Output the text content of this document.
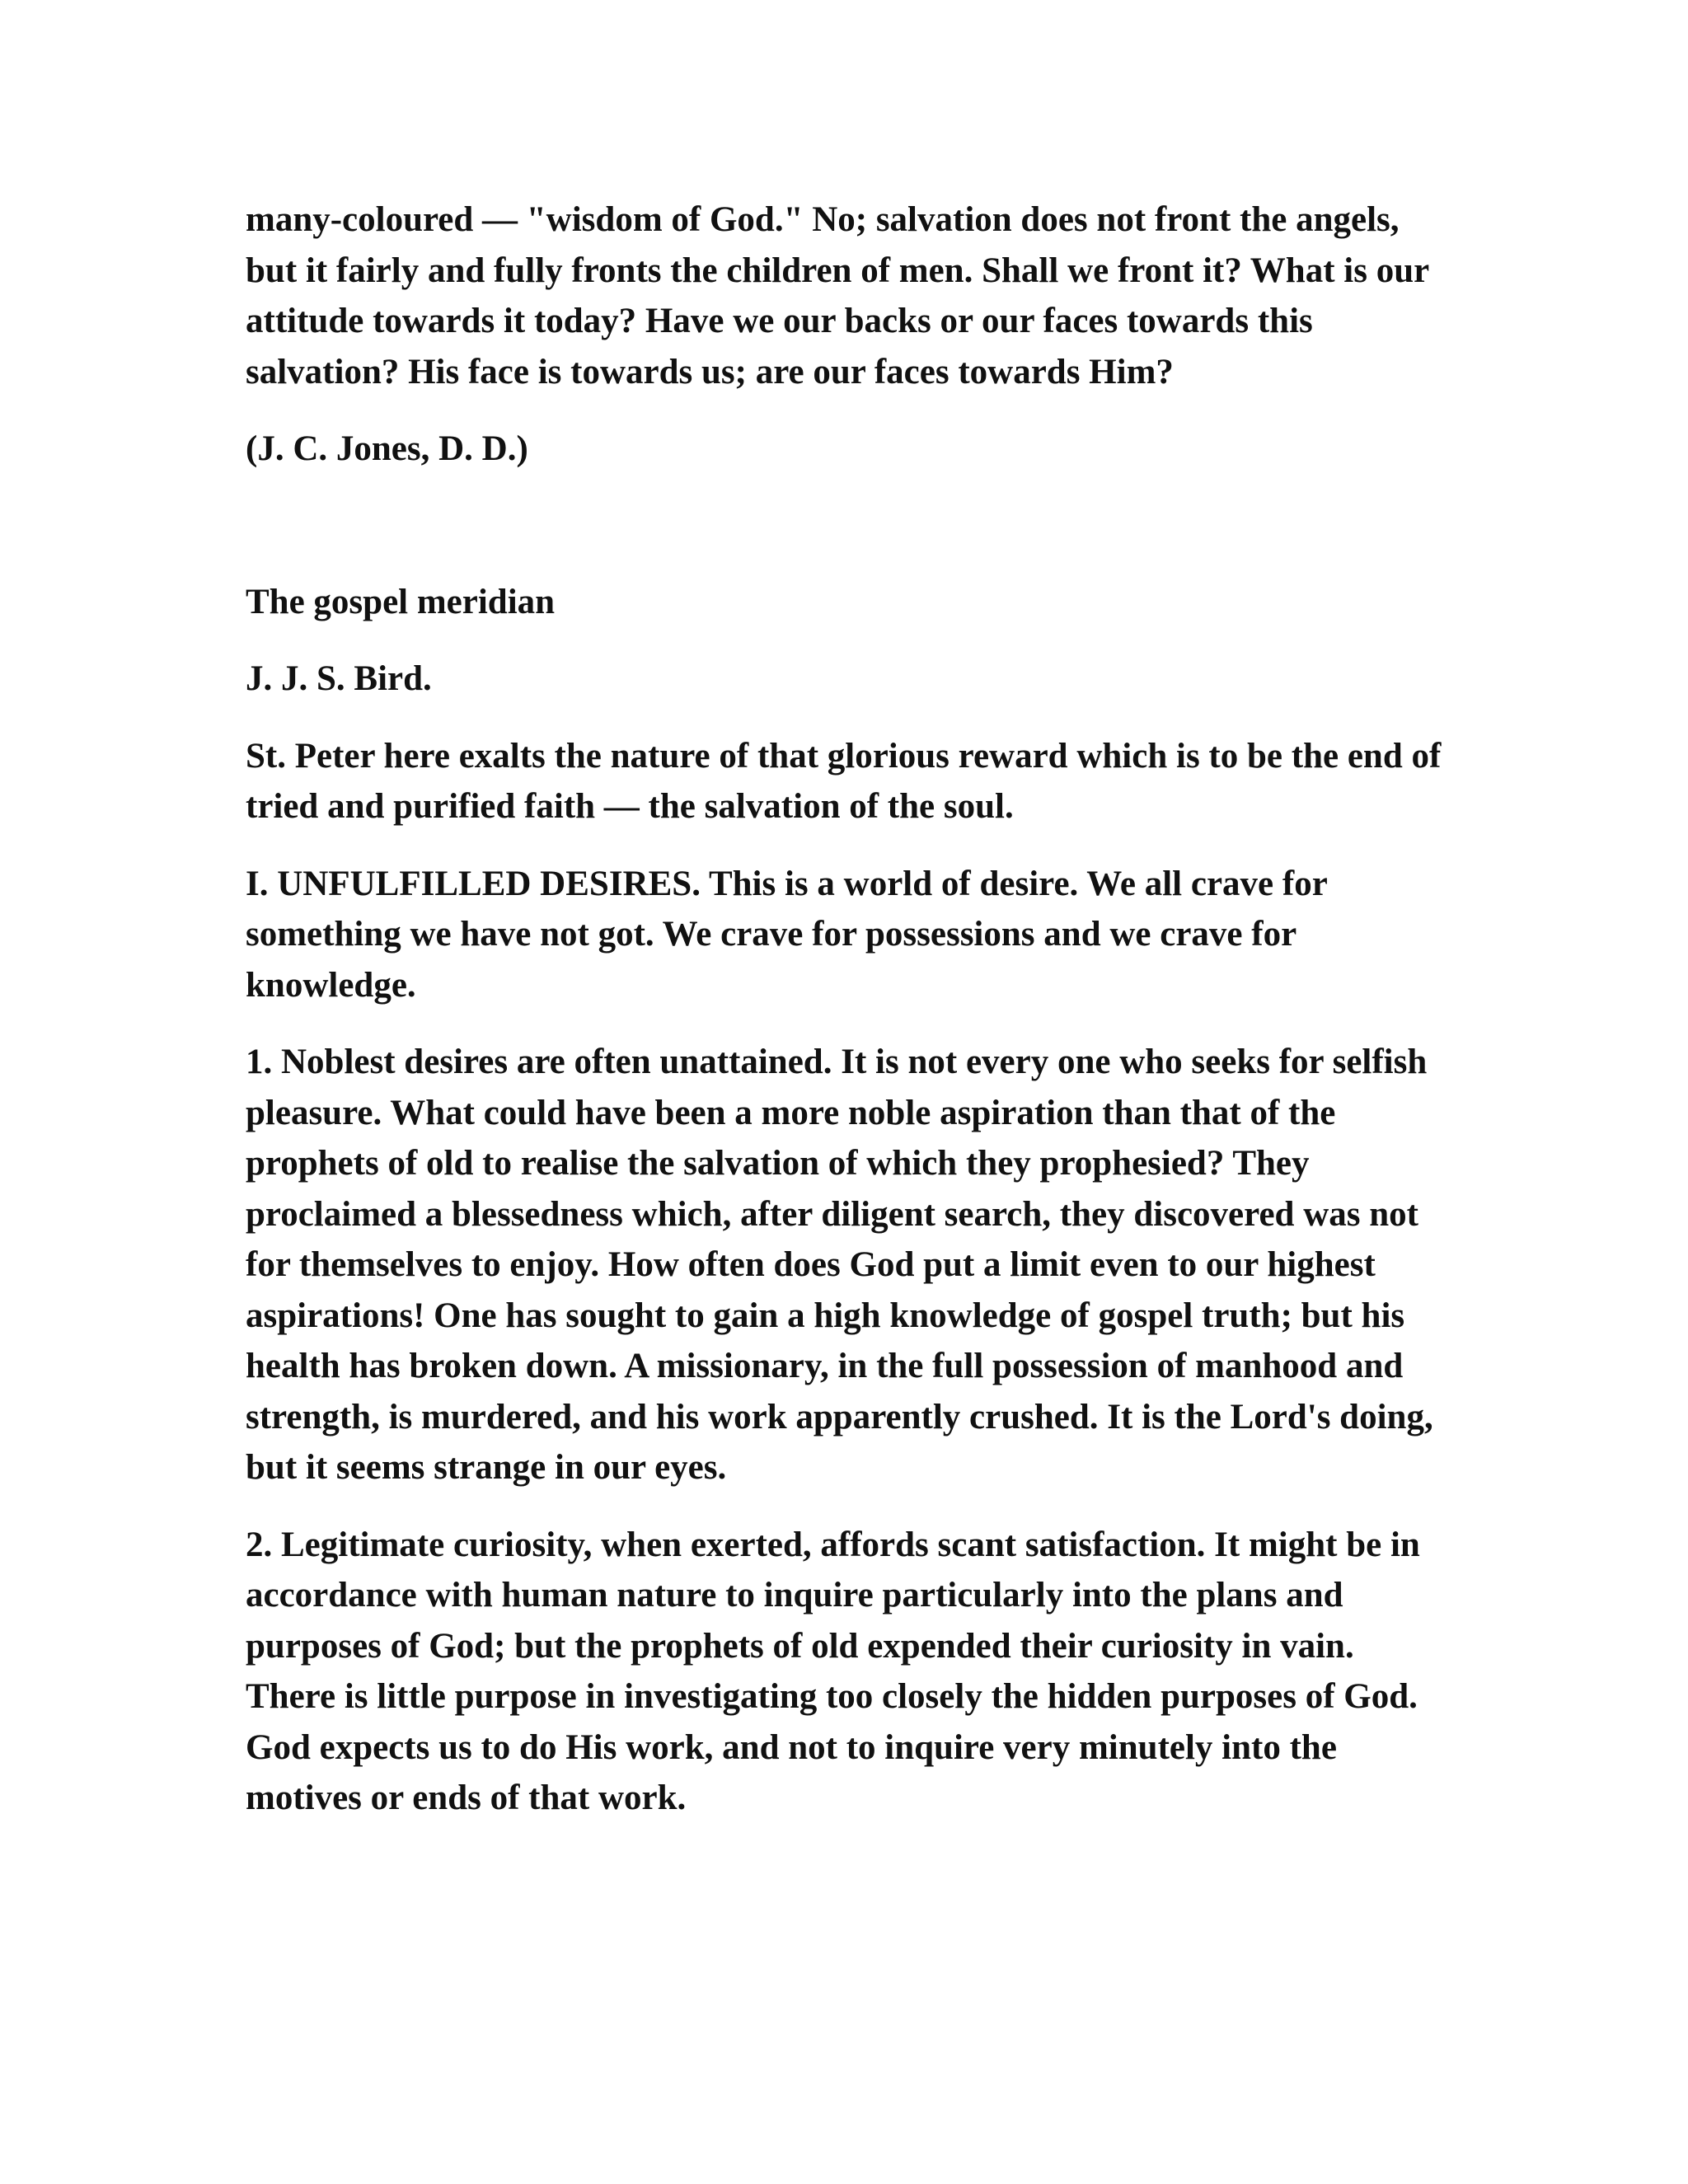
many-coloured — "wisdom of God." No; salvation does not front the angels, but it fairly and fully fronts the children of men. Shall we front it? What is our attitude towards it today? Have we our backs or our faces towards this salvation? His face is towards us; are our faces towards Him?

(J. C. Jones, D. D.)

The gospel meridian

J. J. S. Bird.

St. Peter here exalts the nature of that glorious reward which is to be the end of tried and purified faith — the salvation of the soul.

I. UNFULFILLED DESIRES. This is a world of desire. We all crave for something we have not got. We crave for possessions and we crave for knowledge.

1. Noblest desires are often unattained. It is not every one who seeks for selfish pleasure. What could have been a more noble aspiration than that of the prophets of old to realise the salvation of which they prophesied? They proclaimed a blessedness which, after diligent search, they discovered was not for themselves to enjoy. How often does God put a limit even to our highest aspirations! One has sought to gain a high knowledge of gospel truth; but his health has broken down. A missionary, in the full possession of manhood and strength, is murdered, and his work apparently crushed. It is the Lord's doing, but it seems strange in our eyes.

2. Legitimate curiosity, when exerted, affords scant satisfaction. It might be in accordance with human nature to inquire particularly into the plans and purposes of God; but the prophets of old expended their curiosity in vain. There is little purpose in investigating too closely the hidden purposes of God. God expects us to do His work, and not to inquire very minutely into the motives or ends of that work.
